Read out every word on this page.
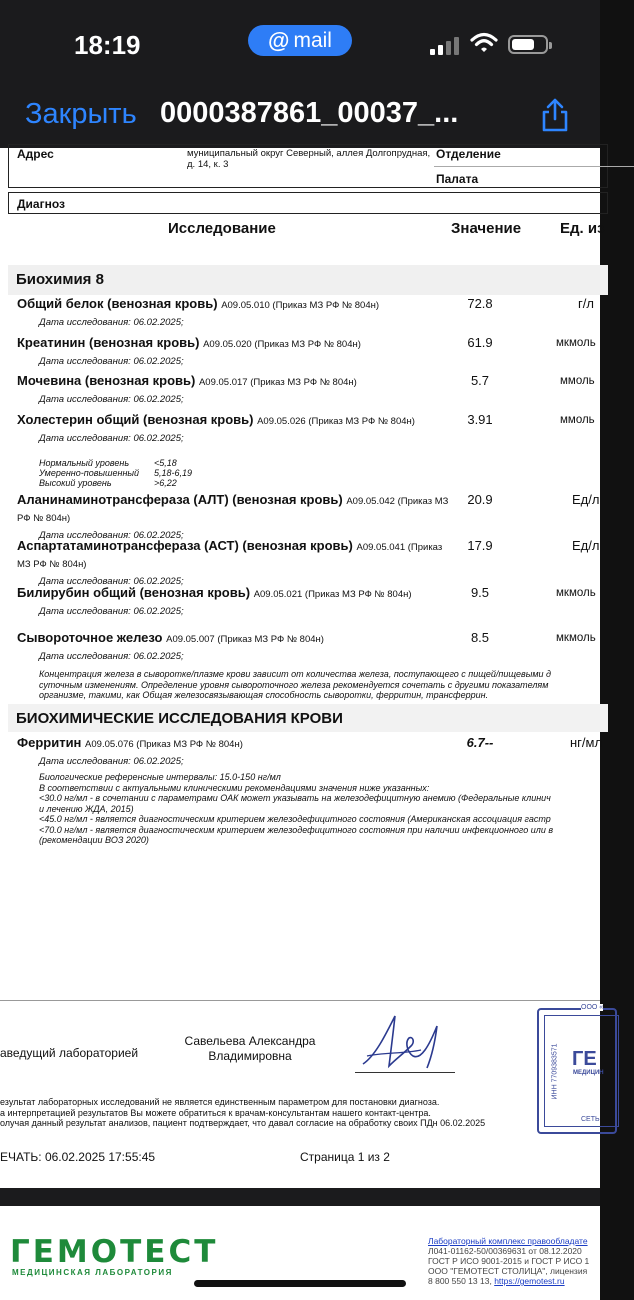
18:19	@ mail
Закрыть 0000387861_00037_...
Адрес	муниципальный округ Северный, аллея Долгопрудная, д. 14, к. 3
Отделение
Палата
Диагноз
Исследование	Значение	Ед. из
Биохимия 8
Общий белок (венозная кровь) A09.05.010 (Приказ МЗ РФ № 804н)
Дата исследования: 06.02.2025;
72.8	г/л
Креатинин (венозная кровь) A09.05.020 (Приказ МЗ РФ № 804н)
Дата исследования: 06.02.2025;
61.9	мкмоль
Мочевина (венозная кровь) A09.05.017 (Приказ МЗ РФ № 804н)
Дата исследования: 06.02.2025;
5.7	ммоль
Холестерин общий (венозная кровь) A09.05.026 (Приказ МЗ РФ № 804н)
Дата исследования: 06.02.2025;
3.91	ммоль
Нормальный уровень	<5,18
Умеренно-повышенный 5,18-6,19
Высокий уровень	>6,22
Аланинаминотрансфераза (АЛТ) (венозная кровь) A09.05.042 (Приказ МЗ РФ № 804н)
Дата исследования: 06.02.2025;
20.9	Ед/л
Аспартатаминотрансфераза (АСТ) (венозная кровь) A09.05.041 (Приказ МЗ РФ № 804н)
Дата исследования: 06.02.2025;
17.9	Ед/л
Билирубин общий (венозная кровь) A09.05.021 (Приказ МЗ РФ № 804н)
Дата исследования: 06.02.2025;
9.5	мкмоль
Сывороточное железо A09.05.007 (Приказ МЗ РФ № 804н)
Дата исследования: 06.02.2025;
8.5	мкмоль
Концентрация железа в сыворотке/плазме крови зависит от количества железа, поступающего с пищей/пищевыми д
суточным изменениям. Определение уровня сывороточного железа рекомендуется сочетать с другими показателям
организме, такими, как Общая железосвязывающая способность сыворотки, ферритин, трансферрин.
БИОХИМИЧЕСКИЕ ИССЛЕДОВАНИЯ КРОВИ
Ферритин A09.05.076 (Приказ МЗ РФ № 804н)
Дата исследования: 06.02.2025;
6.7--	нг/мл
Биологические референсные интервалы: 15.0-150 нг/мл
В соответствии с актуальными клиническими рекомендациями значения ниже указанных:
<30.0 нг/мл - в сочетании с параметрами ОАК может указывать на железодефицитную анемию (Федеральные клинич
и лечению ЖДА, 2015)
<45.0 нг/мл - является диагностическим критерием железодефицитного состояния (Американская ассоциация гастр
<70.0 нг/мл - является диагностическим критерием железодефицитного состояния при наличии инфекционного или в
(рекомендации ВОЗ 2020)
аведущий лабораторией
Савельева Александра
Владимировна
ООО «
ГЕ
МЕДИЦИН
ИНН 7709383571
СЕТЬ
езультат лабораторных исследований не является единственным параметром для постановки диагноза.
а интерпретацией результатов Вы можете обратиться к врачам-консультантам нашего контакт-центра.
олучая данный результат анализов, пациент подтверждает, что давал согласие на обработку своих ПДн 06.02.2025
ЕЧАТЬ: 06.02.2025 17:55:45	Страница 1 из 2
ГЕМОТЕСТ
МЕДИЦИНСКАЯ ЛАБОРАТОРИЯ
Лабораторный комплекс правообладате
Л041-01162-50/00369631 от 08.12.2020
ГОСТ Р ИСО 9001-2015 и ГОСТ Р ИСО 1
ООО "ГЕМОТЕСТ СТОЛИЦА", лицензия
8 800 550 13 13, https://gemotest.ru
